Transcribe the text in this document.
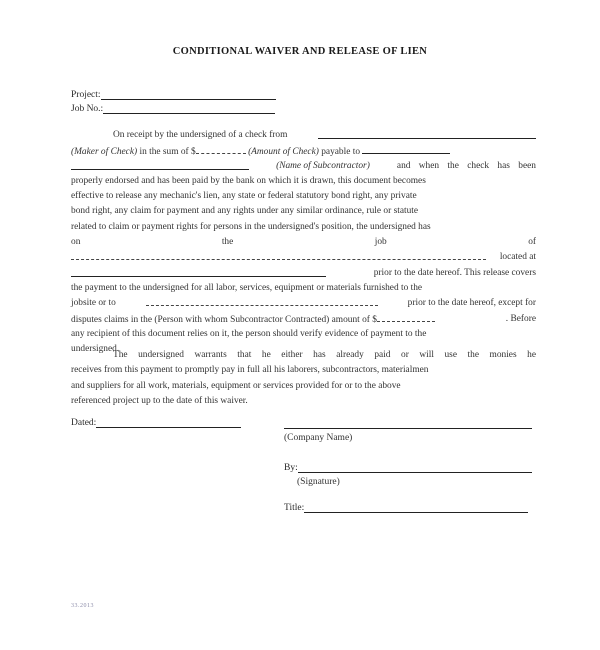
CONDITIONAL WAIVER AND RELEASE OF LIEN
Project:
Job No.:
On receipt by the undersigned of a check from
(Maker of Check) in the sum of $	(Amount of Check) payable to
(Name of Subcontractor)	and when the check has been
properly endorsed and has been paid by the bank on which it is drawn, this document becomes
effective to release any mechanic's lien, any state or federal statutory bond right, any private
bond right, any claim for payment and any rights under any similar ordinance, rule or statute
related to claim or payment rights for persons in the undersigned's position, the undersigned has
on	the	job	of
located at
prior to the date hereof. This release covers
the payment to the undersigned for all labor, services, equipment or materials furnished to the
jobsite or to	prior to the date hereof, except for
disputes claims in the (Person with whom Subcontractor Contracted) amount of $	. Before
any recipient of this document relies on it, the person should verify evidence of payment to the
undersigned.
The undersigned warrants that he either has already paid or will use the monies he
receives from this payment to promptly pay in full all his laborers, subcontractors, materialmen
and suppliers for all work, materials, equipment or services provided for or to the above
referenced project up to the date of this waiver.
Dated:
(Company Name)
By:
(Signature)
Title:
33.2013
